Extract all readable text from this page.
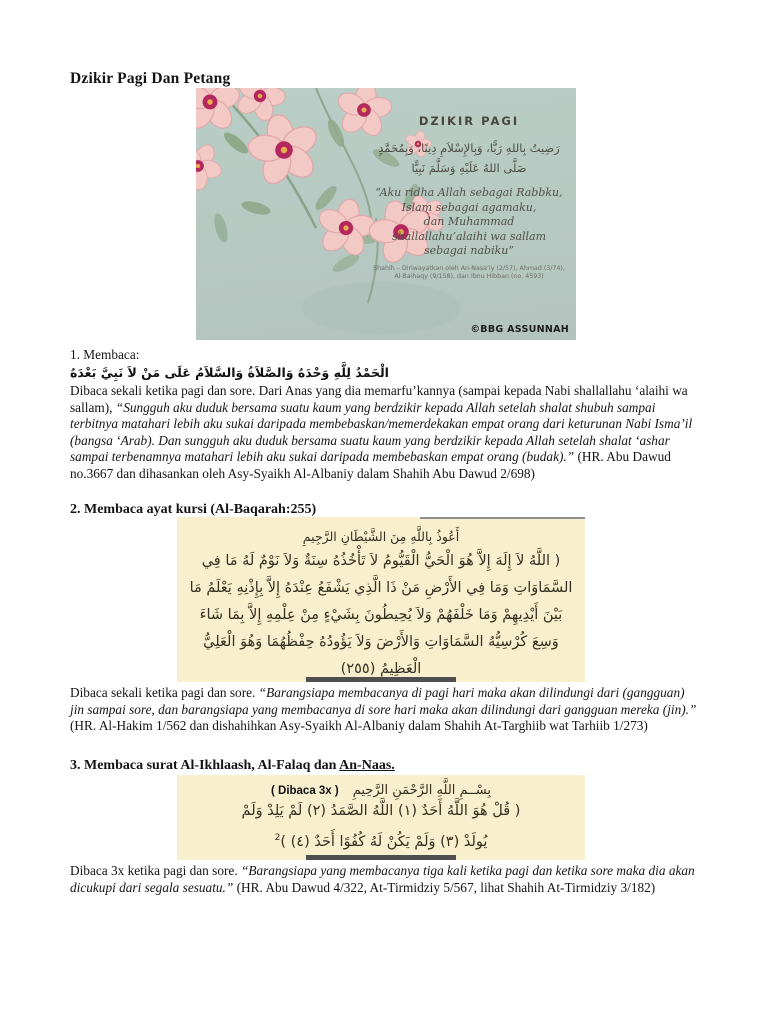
Dzikir Pagi Dan Petang
DZIKIR PAGI
رَضِيتُ بِاللهِ رَبًّا، وَبِالإِسْلاَمِ دِينًا، وَبِمُحَمَّدٍ
صَلَّى اللهُ عَلَيْهِ وَسَلَّمَ نَبِيًّا
“Aku ridha Allah sebagai Rabbku,
Islam sebagai agamaku,
dan Muhammad
shallallahu’alaihi wa sallam
sebagai nabiku”
Shahih – Diriwayatkan oleh An-Nasa’iy (2/57), Ahmad (3/74),
Al-Baihaqy (9/158), dan Ibnu Hibban (no. 4593)
©BBG ASSUNNAH
1. Membaca:
الْحَمْدُ لِلَّهِ وَحْدَهُ وَالصَّلاَةُ وَالسَّلاَمُ عَلَى مَنْ لاَ نَبِيَّ بَعْدَهُ

Dibaca sekali ketika pagi dan sore. Dari Anas yang dia memarfu’kannya (sampai kepada Nabi shallallahu ‘alaihi wa sallam), “Sungguh aku duduk bersama suatu kaum yang berdzikir kepada Allah setelah shalat shubuh sampai terbitnya matahari lebih aku sukai daripada membebaskan/memerdekakan empat orang dari keturunan Nabi Isma’il (bangsa ‘Arab). Dan sungguh aku duduk bersama suatu kaum yang berdzikir kepada Allah setelah shalat ‘ashar sampai terbenamnya matahari lebih aku sukai daripada membebaskan empat orang (budak).” (HR. Abu Dawud no.3667 dan dihasankan oleh Asy-Syaikh Al-Albaniy dalam Shahih Abu Dawud 2/698)

2. Membaca ayat kursi (Al-Baqarah:255)
أَعُوذُ بِاللَّهِ مِنَ الشَّيْطَانِ الرَّجِيمِ
( اللَّهُ لاَ إِلَهَ إِلاَّ هُوَ الْحَيُّ الْقَيُّومُ لاَ تَأْخُذُهُ سِنَةٌ وَلاَ نَوْمٌ لَهُ مَا فِي
السَّمَاوَاتِ وَمَا فِي الأَرْضِ مَنْ ذَا الَّذِي يَشْفَعُ عِنْدَهُ إِلاَّ بِإِذْنِهِ يَعْلَمُ مَا
بَيْنَ أَيْدِيهِمْ وَمَا خَلْفَهُمْ وَلاَ يُحِيطُونَ بِشَيْءٍ مِنْ عِلْمِهِ إِلاَّ بِمَا شَاءَ
وَسِعَ كُرْسِيُّهُ السَّمَاوَاتِ وَالأَرْضَ وَلاَ يَؤُودُهُ حِفْظُهُمَا وَهُوَ الْعَلِيُّ
الْعَظِيمُ (٢٥٥)

Dibaca sekali ketika pagi dan sore. “Barangsiapa membacanya di pagi hari maka akan dilindungi dari (gangguan) jin sampai sore, dan barangsiapa yang membacanya di sore hari maka akan dilindungi dari gangguan mereka (jin).” (HR. Al-Hakim 1/562 dan dishahihkan Asy-Syaikh Al-Albaniy dalam Shahih At-Targhiib wat Tarhiib 1/273)

3. Membaca surat Al-Ikhlaash, Al-Falaq dan An-Naas.
( Dibaca 3x ) بِسْــمِ اللَّهِ الرَّحْمَنِ الرَّحِيمِ
( قُلْ هُوَ اللَّهُ أَحَدٌ (١) اللَّهُ الصَّمَدُ (٢) لَمْ يَلِدْ وَلَمْ
يُولَدْ (٣) وَلَمْ يَكُنْ لَهُ كُفُوًا أَحَدٌ (٤) )$^2$

Dibaca 3x ketika pagi dan sore. “Barangsiapa yang membacanya tiga kali ketika pagi dan ketika sore maka dia akan dicukupi dari segala sesuatu.” (HR. Abu Dawud 4/322, At-Tirmidziy 5/567, lihat Shahih At-Tirmidziy 3/182)
